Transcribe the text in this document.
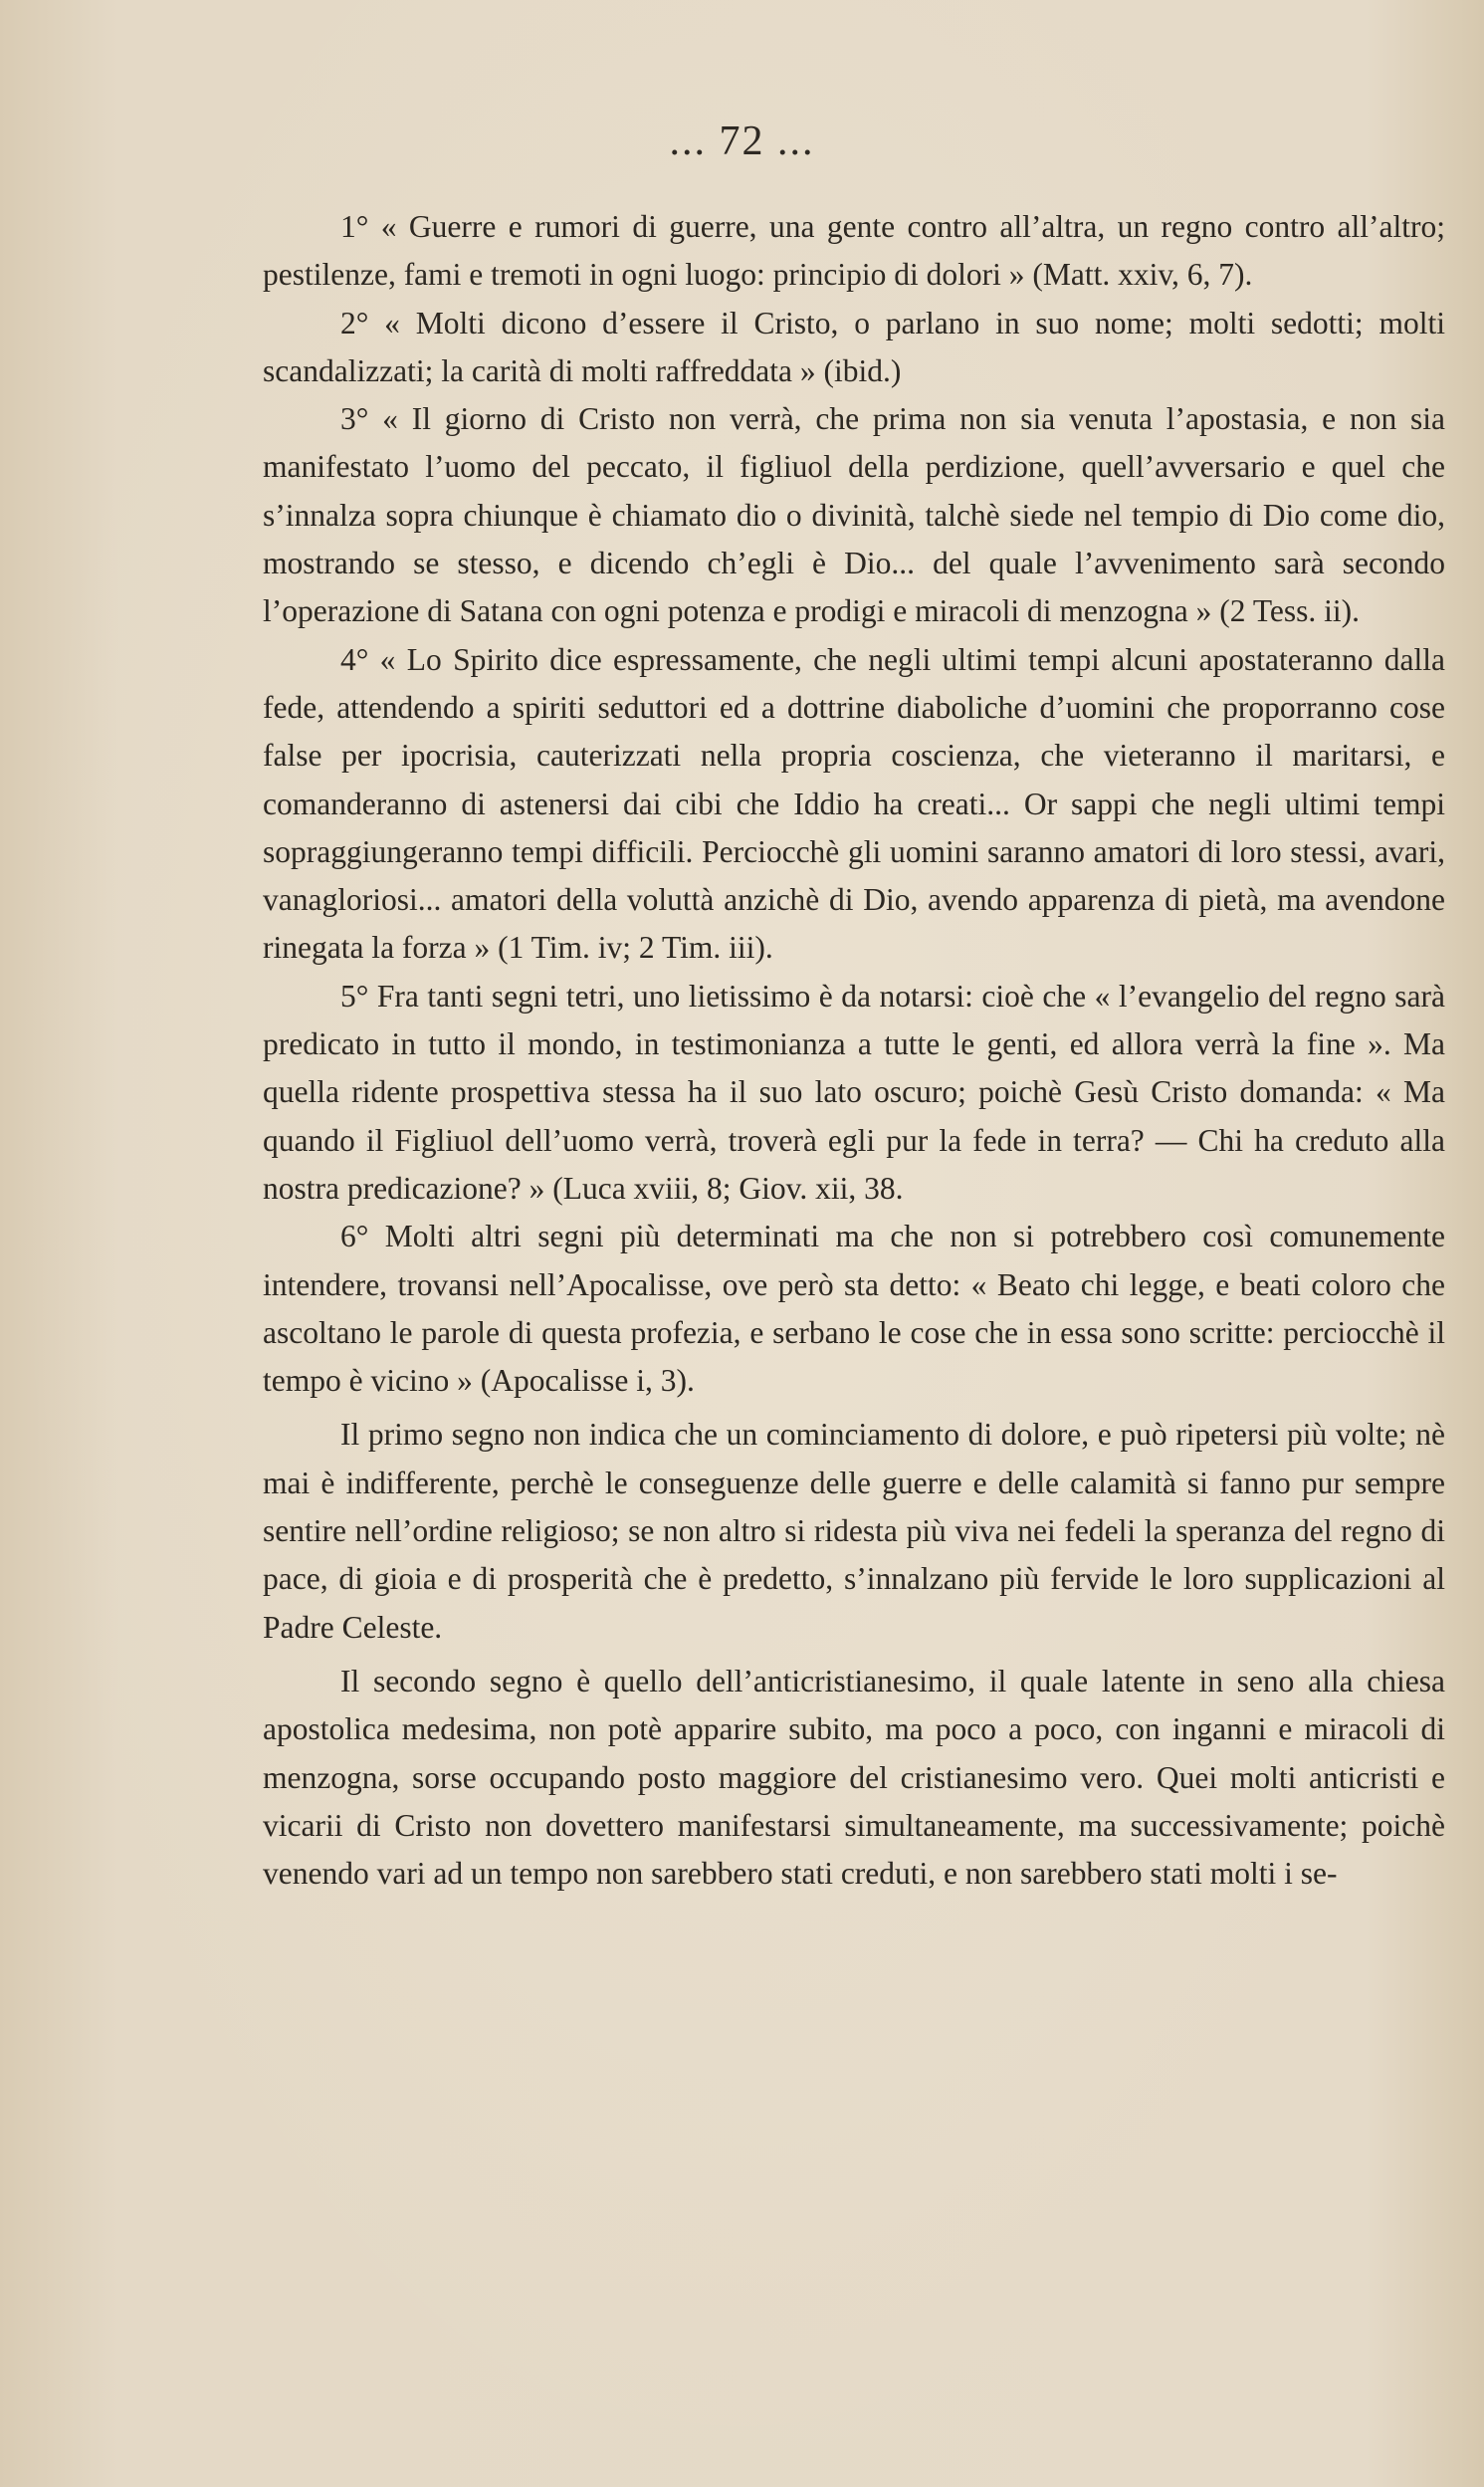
... 72 ...

1° « Guerre e rumori di guerre, una gente contro all’altra, un regno contro all’altro; pestilenze, fami e tremoti in ogni luogo: principio di dolori » (Matt. xxiv, 6, 7).

2° « Molti dicono d’essere il Cristo, o parlano in suo nome; molti sedotti; molti scandalizzati; la carità di molti raffreddata » (ibid.)

3° « Il giorno di Cristo non verrà, che prima non sia venuta l’apostasia, e non sia manifestato l’uomo del peccato, il figliuol della perdizione, quell’avversario e quel che s’innalza sopra chiunque è chiamato dio o divinità, talchè siede nel tempio di Dio come dio, mostrando se stesso, e dicendo ch’egli è Dio... del quale l’avvenimento sarà secondo l’operazione di Satana con ogni potenza e prodigi e miracoli di menzogna » (2 Tess. ii).

4° « Lo Spirito dice espressamente, che negli ultimi tempi alcuni apostateranno dalla fede, attendendo a spiriti seduttori ed a dottrine diaboliche d’uomini che proporranno cose false per ipocrisia, cauterizzati nella propria coscienza, che vieteranno il maritarsi, e comanderanno di astenersi dai cibi che Iddio ha creati... Or sappi che negli ultimi tempi sopraggiungeranno tempi difficili. Perciocchè gli uomini saranno amatori di loro stessi, avari, vanagloriosi... amatori della voluttà anzichè di Dio, avendo apparenza di pietà, ma avendone rinegata la forza » (1 Tim. iv; 2 Tim. iii).

5° Fra tanti segni tetri, uno lietissimo è da notarsi: cioè che « l’evangelio del regno sarà predicato in tutto il mondo, in testimonianza a tutte le genti, ed allora verrà la fine ». Ma quella ridente prospettiva stessa ha il suo lato oscuro; poichè Gesù Cristo domanda: « Ma quando il Figliuol dell’uomo verrà, troverà egli pur la fede in terra? — Chi ha creduto alla nostra predicazione? » (Luca xviii, 8; Giov. xii, 38.

6° Molti altri segni più determinati ma che non si potrebbero così comunemente intendere, trovansi nell’Apocalisse, ove però sta detto: « Beato chi legge, e beati coloro che ascoltano le parole di questa profezia, e serbano le cose che in essa sono scritte: perciocchè il tempo è vicino » (Apocalisse i, 3).

Il primo segno non indica che un cominciamento di dolore, e può ripetersi più volte; nè mai è indifferente, perchè le conseguenze delle guerre e delle calamità si fanno pur sempre sentire nell’ordine religioso; se non altro si ridesta più viva nei fedeli la speranza del regno di pace, di gioia e di prosperità che è predetto, s’innalzano più fervide le loro supplicazioni al Padre Celeste.

Il secondo segno è quello dell’anticristianesimo, il quale latente in seno alla chiesa apostolica medesima, non potè apparire subito, ma poco a poco, con inganni e miracoli di menzogna, sorse occupando posto maggiore del cristianesimo vero. Quei molti anticristi e vicarii di Cristo non dovettero manifestarsi simultaneamente, ma successivamente; poichè venendo vari ad un tempo non sarebbero stati creduti, e non sarebbero stati molti i se-
